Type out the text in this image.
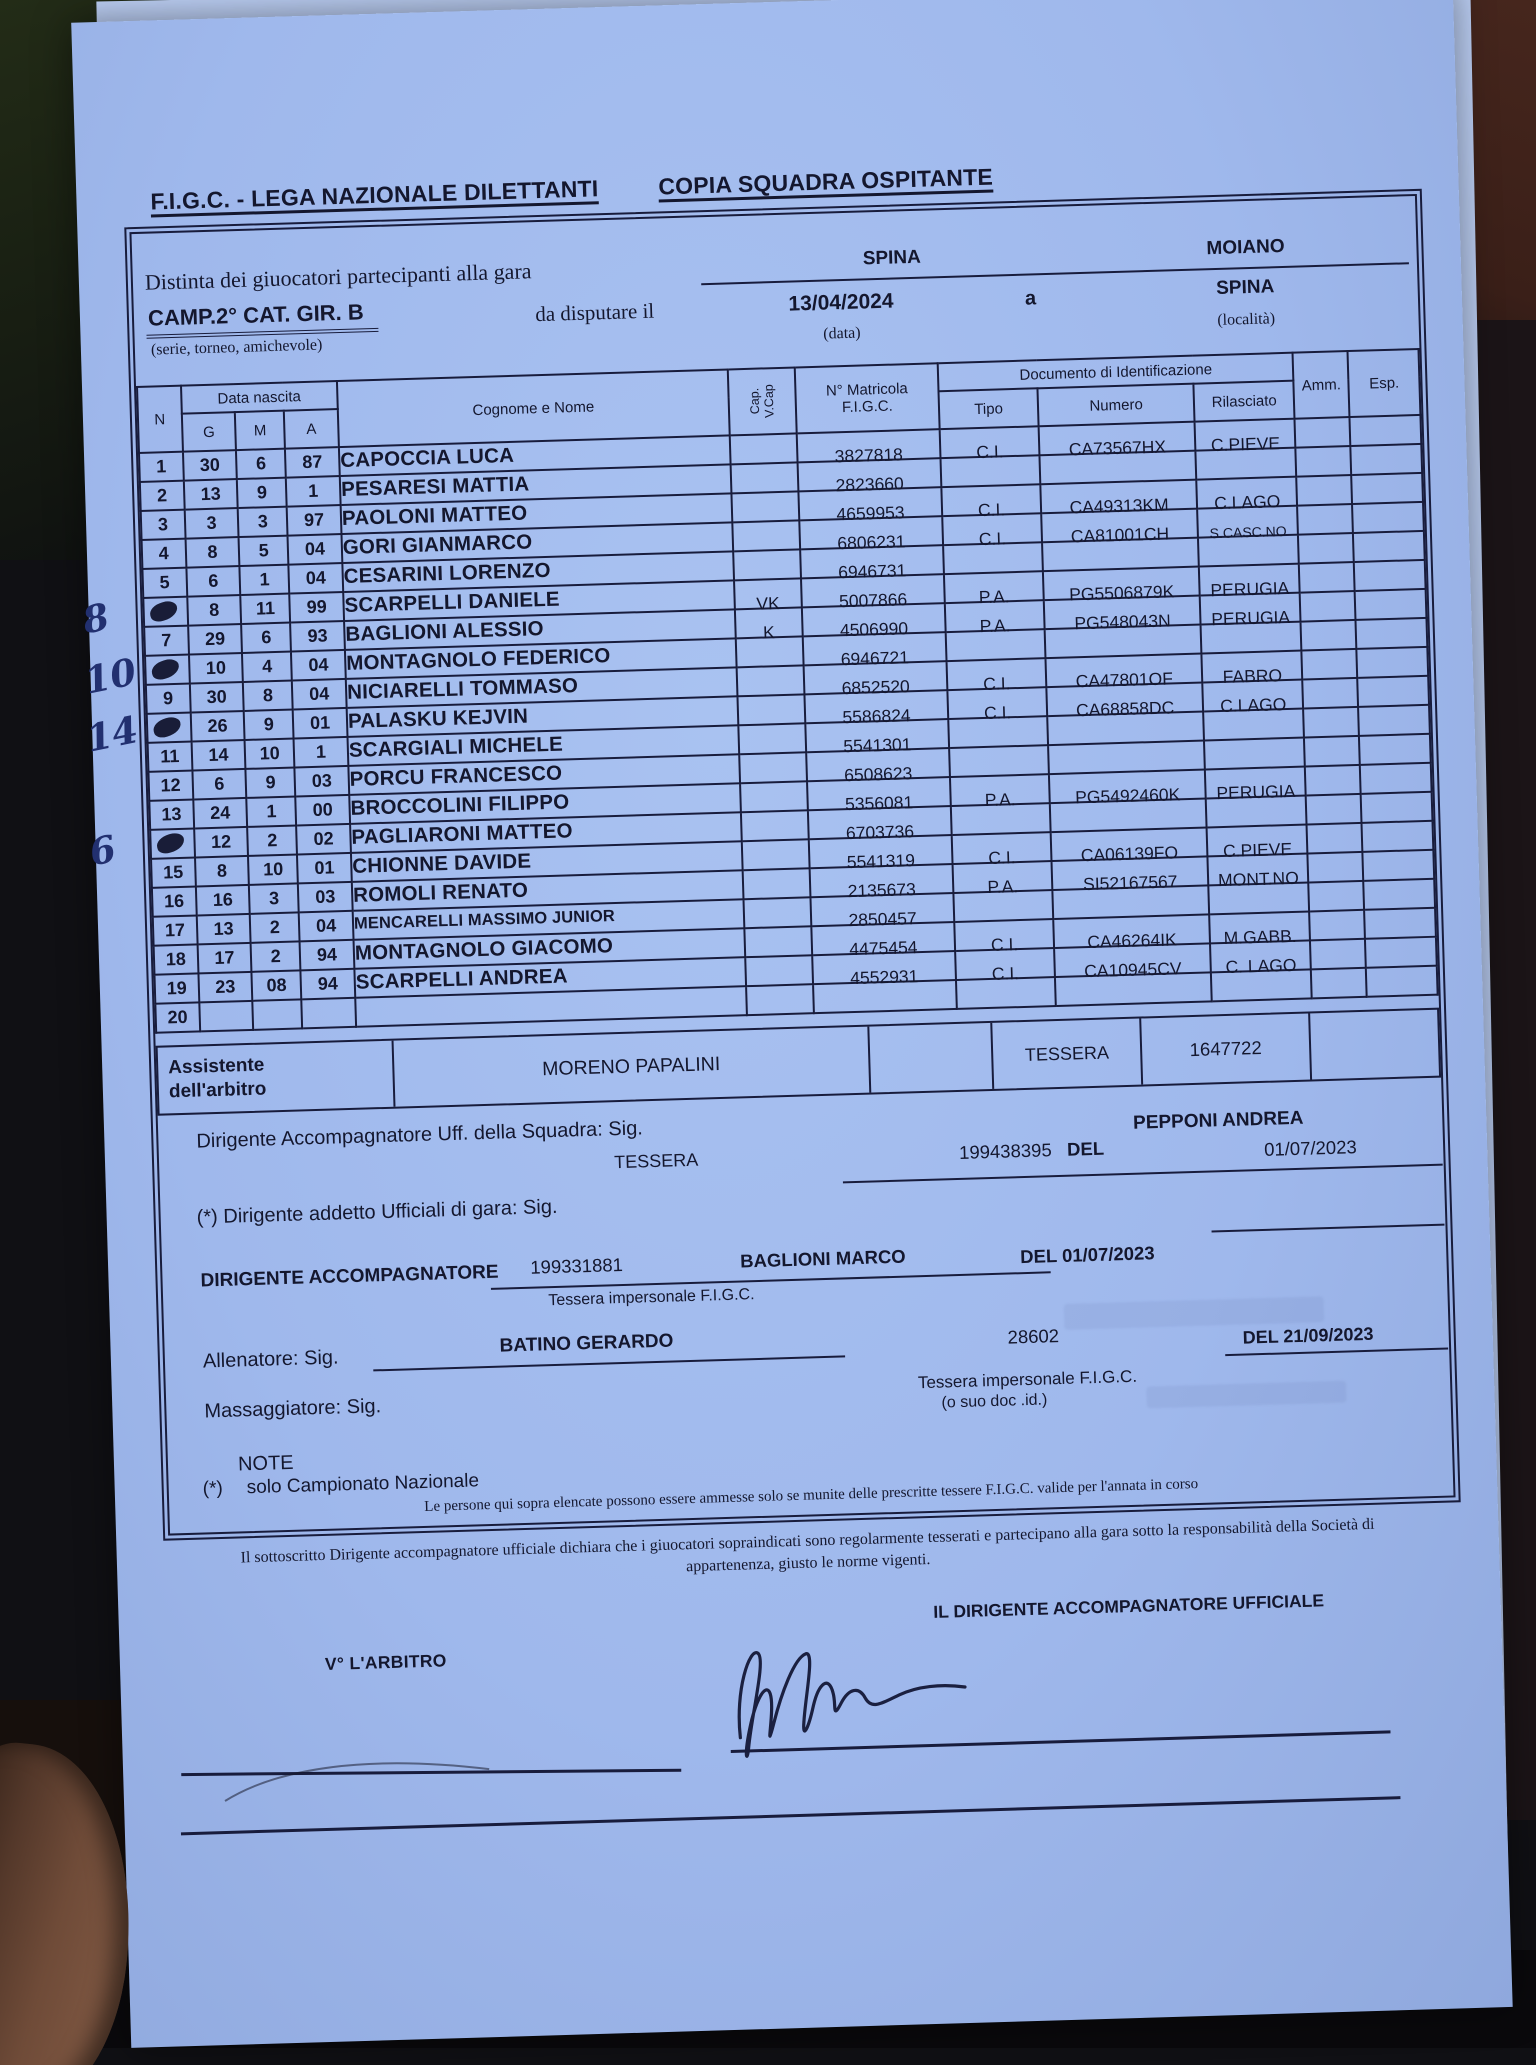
F.I.G.C. - LEGA NAZIONALE DILETTANTI	COPIA SQUADRA OSPITANTE
Distinta dei giuocatori partecipanti alla gara
SPINA	MOIANO
CAMP.2° CAT. GIR. B
(serie, torneo, amichevole)
da disputare il	13/04/2024
(data)
a	SPINA
(località)
N	Data nascita	Cognome e Nome	Cap.
V.Cap	N° Matricola
F.I.G.C.
	Documento di Identificazione	Amm.	Esp.
	G	M	A				Tipo	Numero	Rilasciato		
1	30	6	87	CAPOCCIA LUCA		3827818	C.I.	CA73567HX	C.PIEVE		

2	13	9	1	PESARESI MATTIA		2823660					

3	3	3	97	PAOLONI MATTEO		4659953	C.I.	CA49313KM	C.LAGO		

4	8	5	04	GORI GIANMARCO		6806231	C.I.	CA81001CH	S.CASC.NO		

5	6	1	04	CESARINI LORENZO		6946731					

8	8	11	99	SCARPELLI DANIELE	VK	5007866	P.A.	PG5506879K	PERUGIA		

7	29	6	93	BAGLIONI ALESSIO	K	4506990	P.A.	PG548043N	PERUGIA		

10	10	4	04	MONTAGNOLO FEDERICO		6946721					

9	30	8	04	NICIARELLI TOMMASO		6852520	C.I.	CA47801OF	FABRO		

14	26	9	01	PALASKU KEJVIN		5586824	C.I.	CA68858DC	C.LAGO		

11	14	10	1	SCARGIALI MICHELE		5541301					

12	6	9	03	PORCU FRANCESCO		6508623					

13	24	1	00	BROCCOLINI FILIPPO		5356081	P.A.	PG5492460K	PERUGIA		

6	12	2	02	PAGLIARONI MATTEO		6703736					

15	8	10	01	CHIONNE DAVIDE		5541319	C.I.	CA06139FO	C.PIEVE		

16	16	3	03	ROMOLI RENATO		2135673	P.A.	SI52167567	MONT.NO		

17	13	2	04	MENCARELLI MASSIMO JUNIOR		2850457					

18	17	2	94	MONTAGNOLO GIACOMO		4475454	C.I.	CA46264IK	M.GABB.		

19	23	08	94	SCARPELLI ANDREA		4552931	C.I.	CA10945CV	C. LAGO		

20				

Assistente
dell'arbitro
MORENO PAPALINI	TESSERA	1647722
Dirigente Accompagnatore Uff. della Squadra: Sig.	PEPPONI ANDREA
TESSERA	199438395 DEL	01/07/2023
(*) Dirigente addetto Ufficiali di gara: Sig.
DIRIGENTE ACCOMPAGNATORE 199331881	BAGLIONI MARCO	DEL 01/07/2023
Tessera impersonale F.I.G.C.
Allenatore: Sig.
BATINO GERARDO	28602	DEL 21/09/2023
Massaggiatore: Sig.
Tessera impersonale F.I.G.C.
(o suo doc .id.)
NOTE
(*) solo Campionato Nazionale
Le persone qui sopra elencate possono essere ammesse solo se munite delle prescritte tessere F.I.G.C. valide per l'annata in corso
Il sottoscritto Dirigente accompagnatore ufficiale dichiara che i giuocatori sopraindicati sono regolarmente tesserati e partecipano alla gara sotto la responsabilità della Società di appartenenza, giusto le norme vigenti.
V° L'ARBITRO
IL DIRIGENTE ACCOMPAGNATORE UFFICIALE
